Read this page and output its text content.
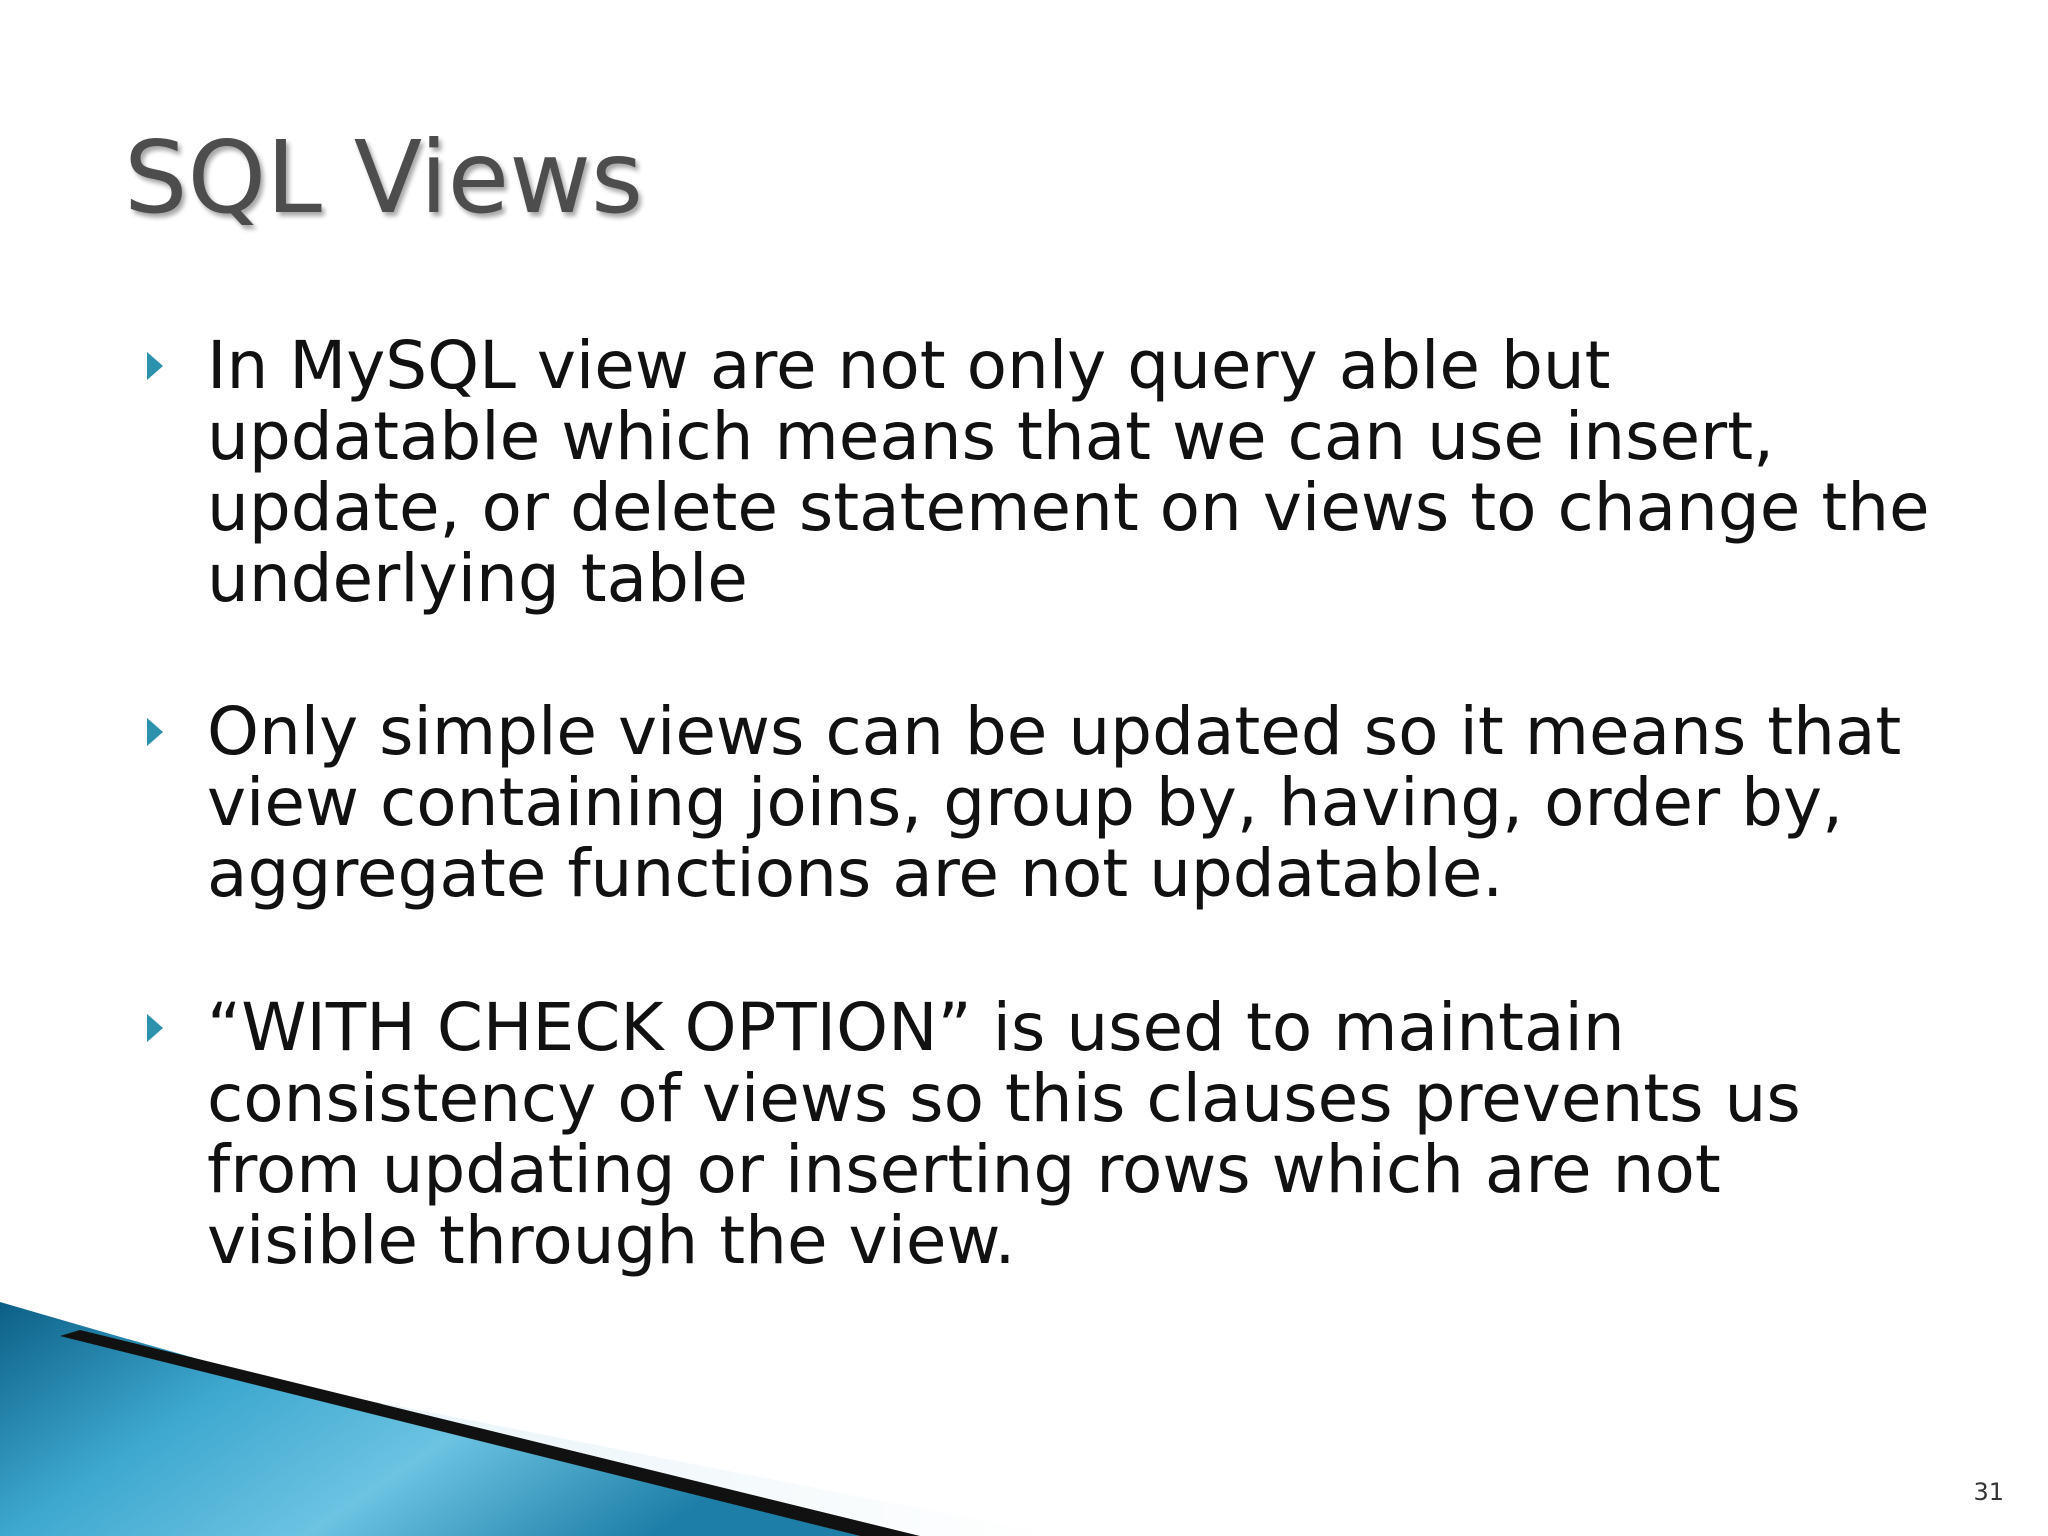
SQL Views

In MySQL view are not only query able but updatable which means that we can use insert, update, or delete statement on views to change the underlying table

Only simple views can be updated so it means that view containing joins, group by, having, order by, aggregate functions are not updatable.

“WITH CHECK OPTION” is used to maintain consistency of views so this clauses prevents us from updating or inserting rows which are not visible through the view.

31
